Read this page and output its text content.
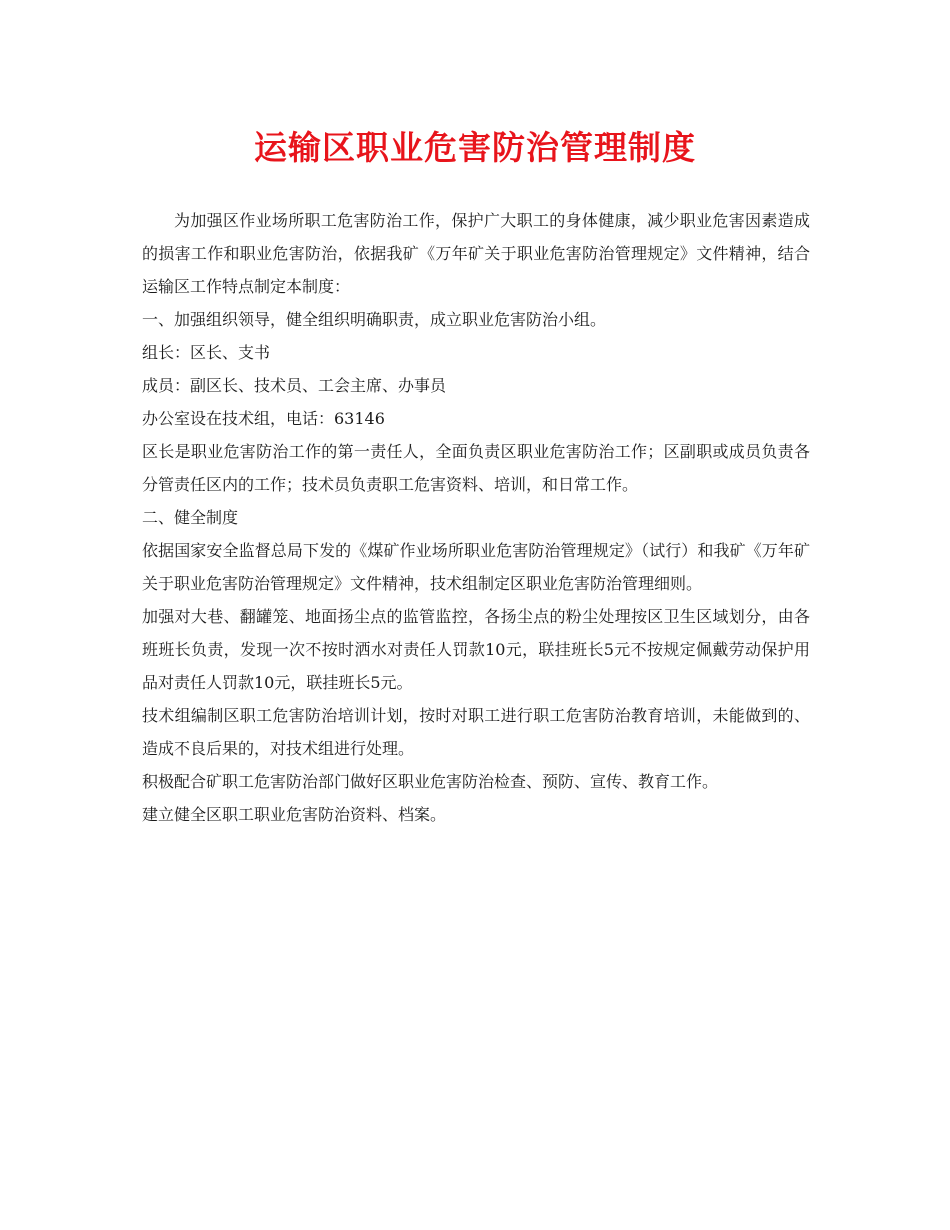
运输区职业危害防治管理制度

为加强区作业场所职工危害防治工作，保护广大职工的身体健康，减少职业危害因素造成的损害工作和职业危害防治，依据我矿《万年矿关于职业危害防治管理规定》文件精神，结合运输区工作特点制定本制度：

一、加强组织领导，健全组织明确职责，成立职业危害防治小组。

组长：区长、支书

成员：副区长、技术员、工会主席、办事员

办公室设在技术组，电话：63146

区长是职业危害防治工作的第一责任人，全面负责区职业危害防治工作；区副职或成员负责各分管责任区内的工作；技术员负责职工危害资料、培训，和日常工作。

二、健全制度

依据国家安全监督总局下发的《煤矿作业场所职业危害防治管理规定》（试行）和我矿《万年矿关于职业危害防治管理规定》文件精神，技术组制定区职业危害防治管理细则。

加强对大巷、翻罐笼、地面扬尘点的监管监控，各扬尘点的粉尘处理按区卫生区域划分，由各班班长负责，发现一次不按时洒水对责任人罚款10元，联挂班长5元不按规定佩戴劳动保护用品对责任人罚款10元，联挂班长5元。

技术组编制区职工危害防治培训计划，按时对职工进行职工危害防治教育培训，未能做到的、造成不良后果的，对技术组进行处理。

积极配合矿职工危害防治部门做好区职业危害防治检查、预防、宣传、教育工作。

建立健全区职工职业危害防治资料、档案。
